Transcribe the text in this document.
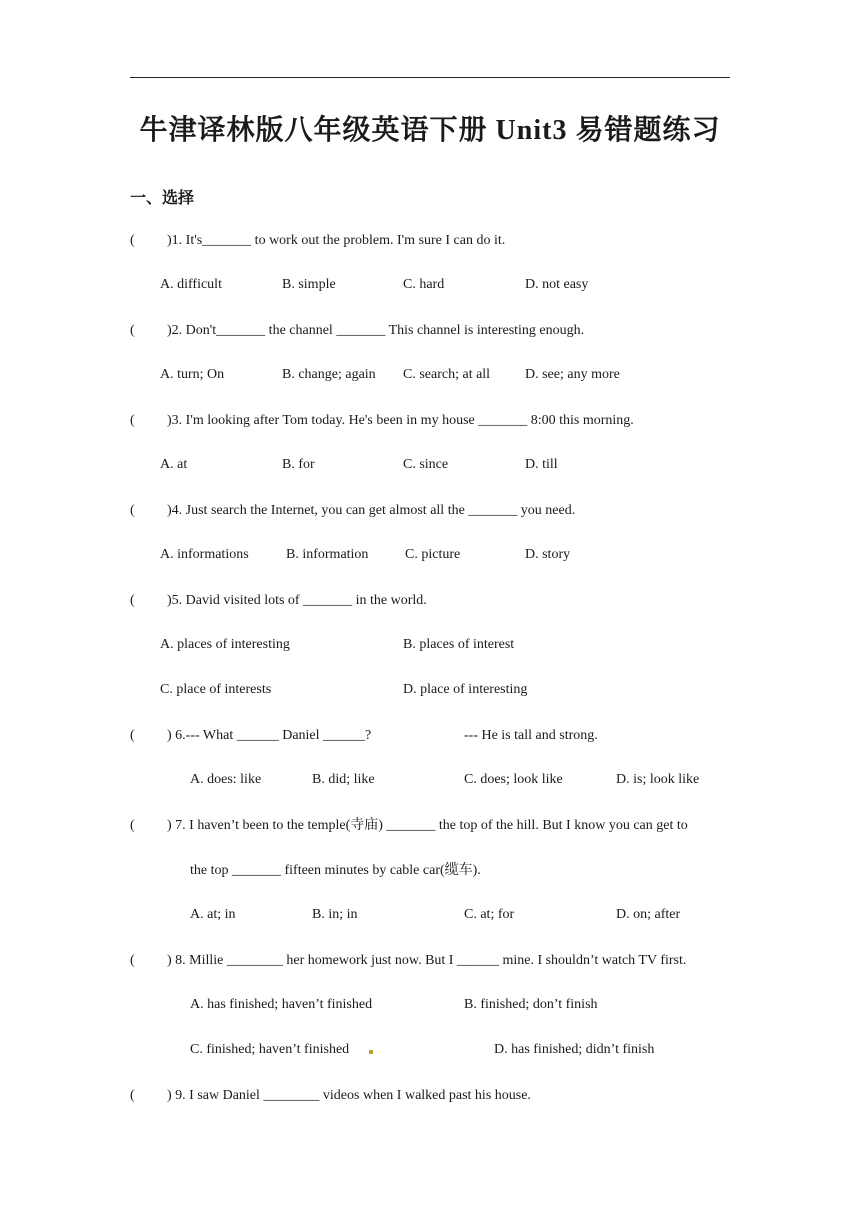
牛津译林版八年级英语下册 Unit3 易错题练习
一、选择
( )1. It's_______ to work out the problem. I'm sure I can do it.
A. difficult	B. simple	C. hard	D. not easy
( )2. Don't_______ the channel _______ This channel is interesting enough.
A. turn; On	B. change; again C. search; at all D. see; any more
( )3. I'm looking after Tom today. He's been in my house _______ 8:00 this morning.
A. at	B. for	C. since	D. till
( )4. Just search the Internet, you can get almost all the _______ you need.
A. informations	B. information	C. picture	D. story
( )5. David visited lots of _______ in the world.
A. places of interesting	B. places of interest
C. place of interests	D. place of interesting
( ) 6.--- What ______ Daniel ______?	--- He is tall and strong.
A. does: like	B. did; like	C. does; look like	D. is; look like
( ) 7. I haven’t been to the temple(寺庙) _______ the top of the hill. But I know you can get to
the top _______ fifteen minutes by cable car(缆车).
A. at; in	B. in; in	C. at; for	D. on; after
( ) 8. Millie ________ her homework just now. But I ______ mine. I shouldn’t watch TV first.
A. has finished; haven’t finished	B. finished; don’t finish
C. finished; haven’t finished	D. has finished; didn’t finish
( ) 9. I saw Daniel ________ videos when I walked past his house.
